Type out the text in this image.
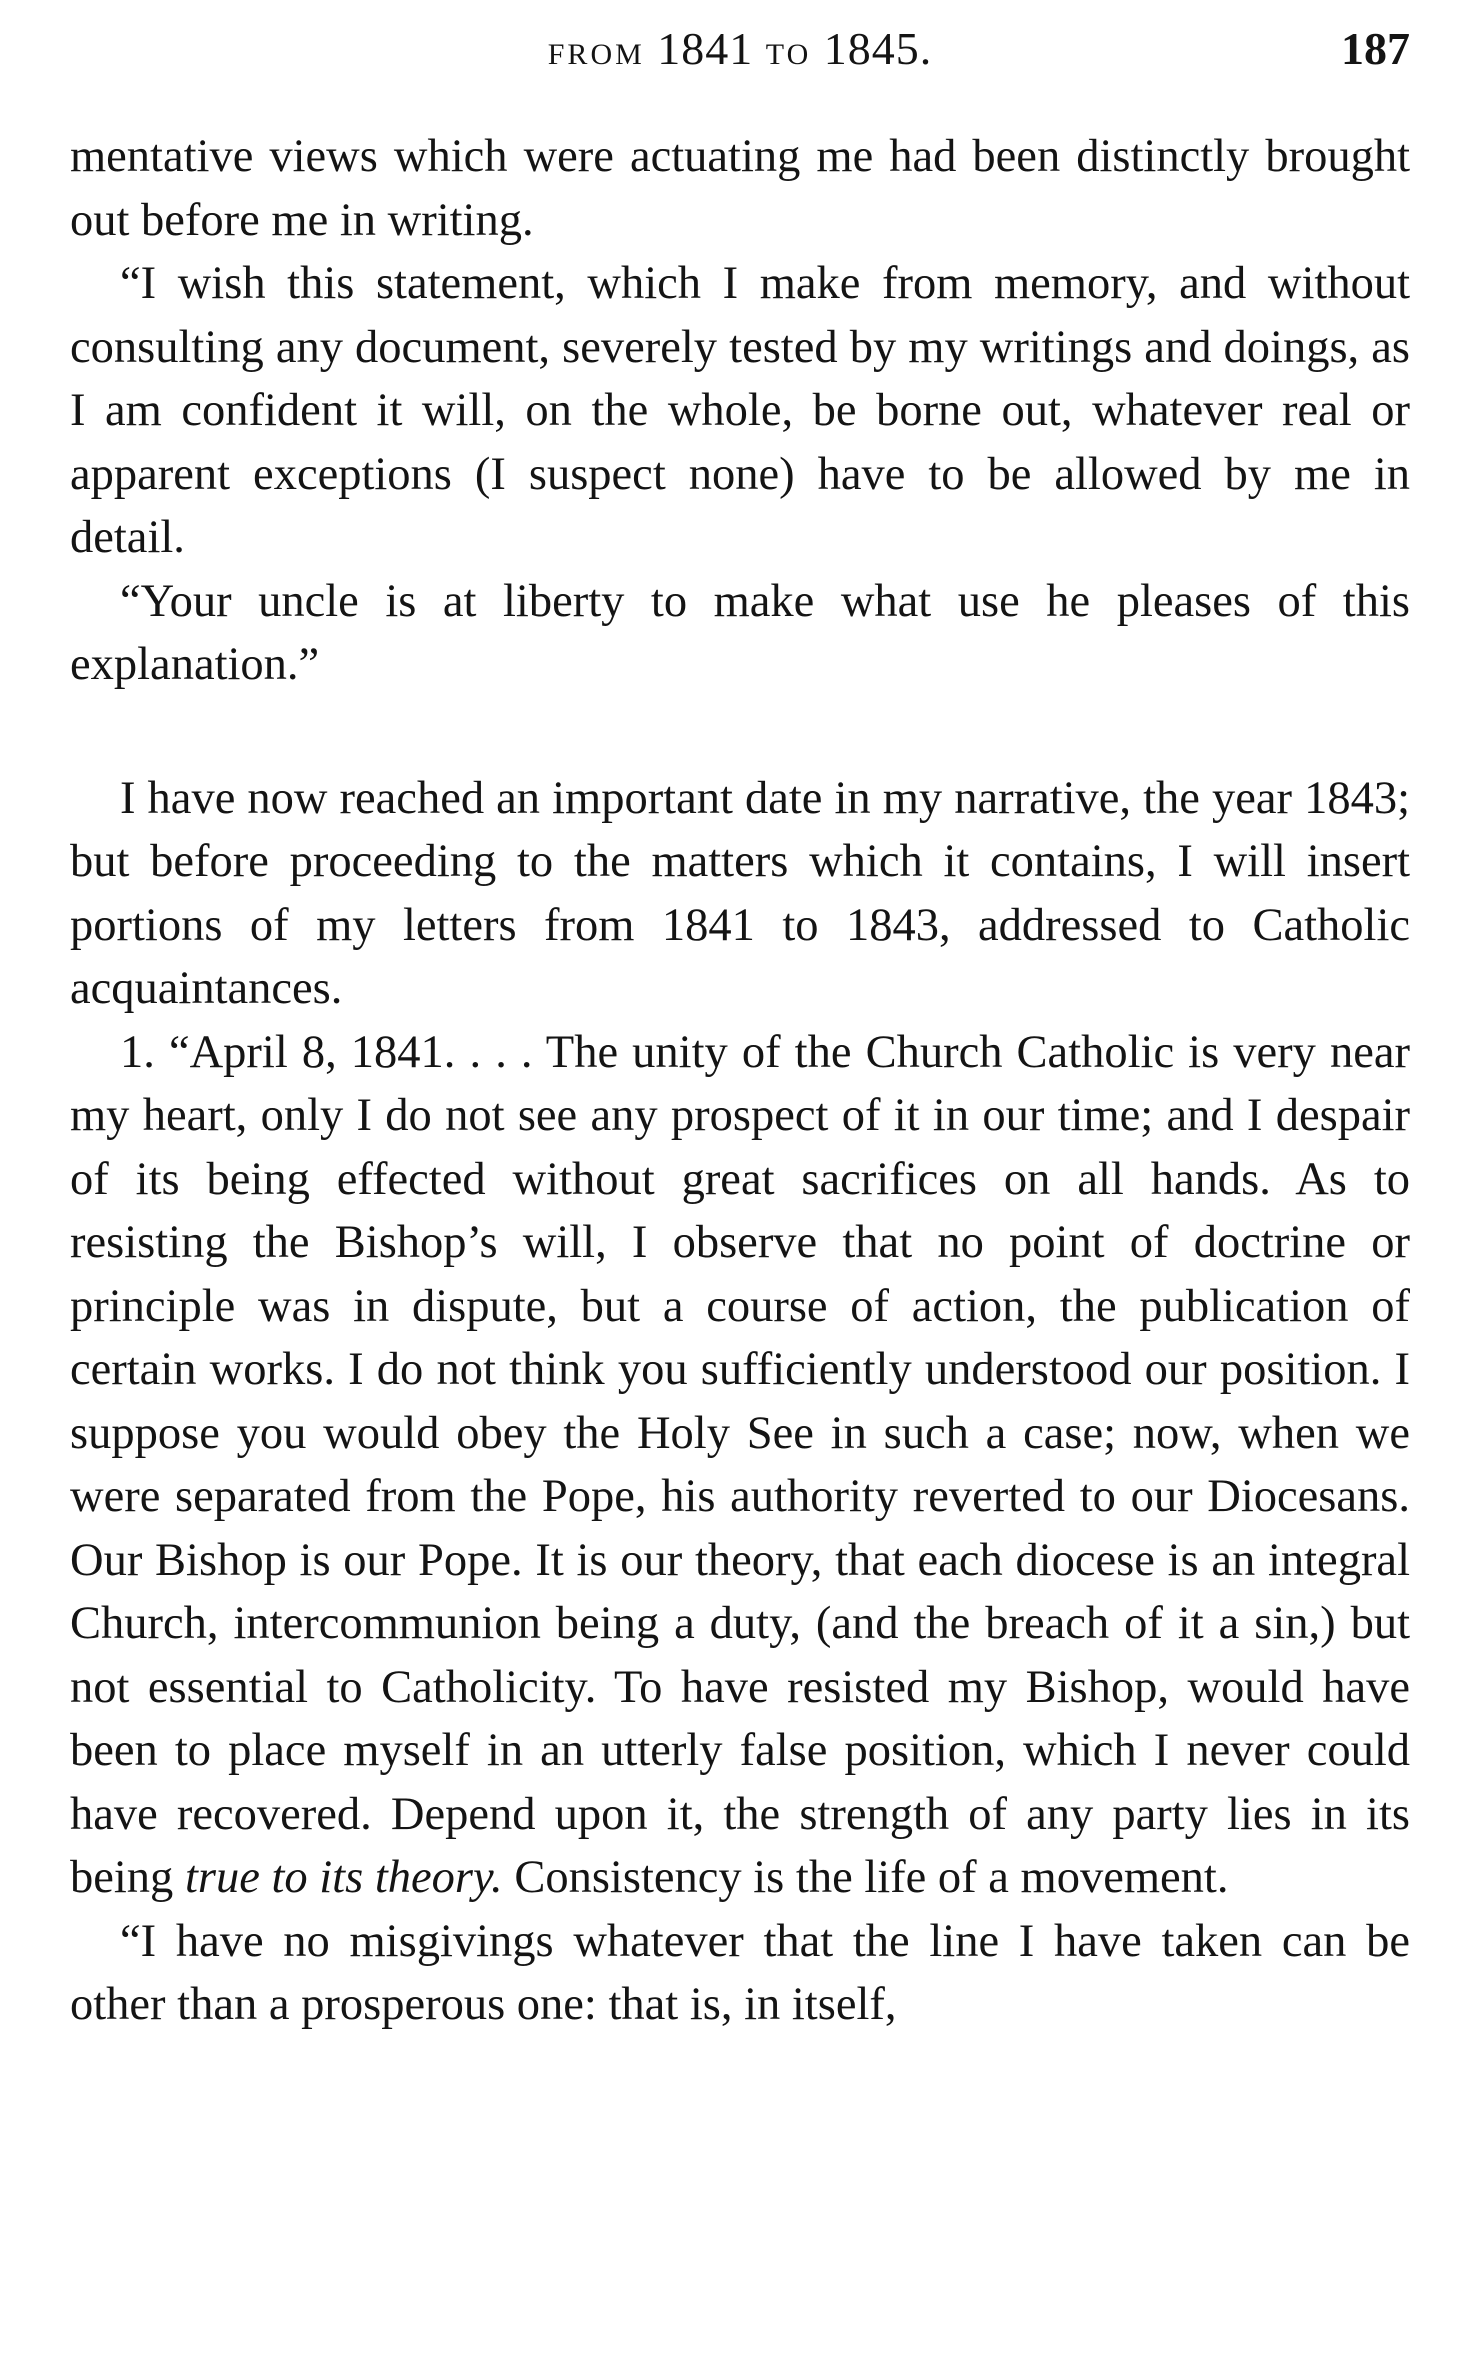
FROM 1841 TO 1845.	187

mentative views which were actuating me had been distinctly brought out before me in writing.

“I wish this statement, which I make from memory, and without consulting any document, severely tested by my writings and doings, as I am confident it will, on the whole, be borne out, whatever real or apparent exceptions (I suspect none) have to be allowed by me in detail.

“Your uncle is at liberty to make what use he pleases of this explanation.”

I have now reached an important date in my narrative, the year 1843; but before proceeding to the matters which it contains, I will insert portions of my letters from 1841 to 1843, addressed to Catholic acquaintances.

1. “April 8, 1841. . . . The unity of the Church Catholic is very near my heart, only I do not see any prospect of it in our time; and I despair of its being effected without great sacrifices on all hands. As to resisting the Bishop’s will, I observe that no point of doctrine or principle was in dispute, but a course of action, the publication of certain works. I do not think you sufficiently understood our position. I suppose you would obey the Holy See in such a case; now, when we were separated from the Pope, his authority reverted to our Diocesans. Our Bishop is our Pope. It is our theory, that each diocese is an integral Church, intercommunion being a duty, (and the breach of it a sin,) but not essential to Catholicity. To have resisted my Bishop, would have been to place myself in an utterly false position, which I never could have recovered. Depend upon it, the strength of any party lies in its being true to its theory. Consistency is the life of a movement.

“I have no misgivings whatever that the line I have taken can be other than a prosperous one: that is, in itself,
